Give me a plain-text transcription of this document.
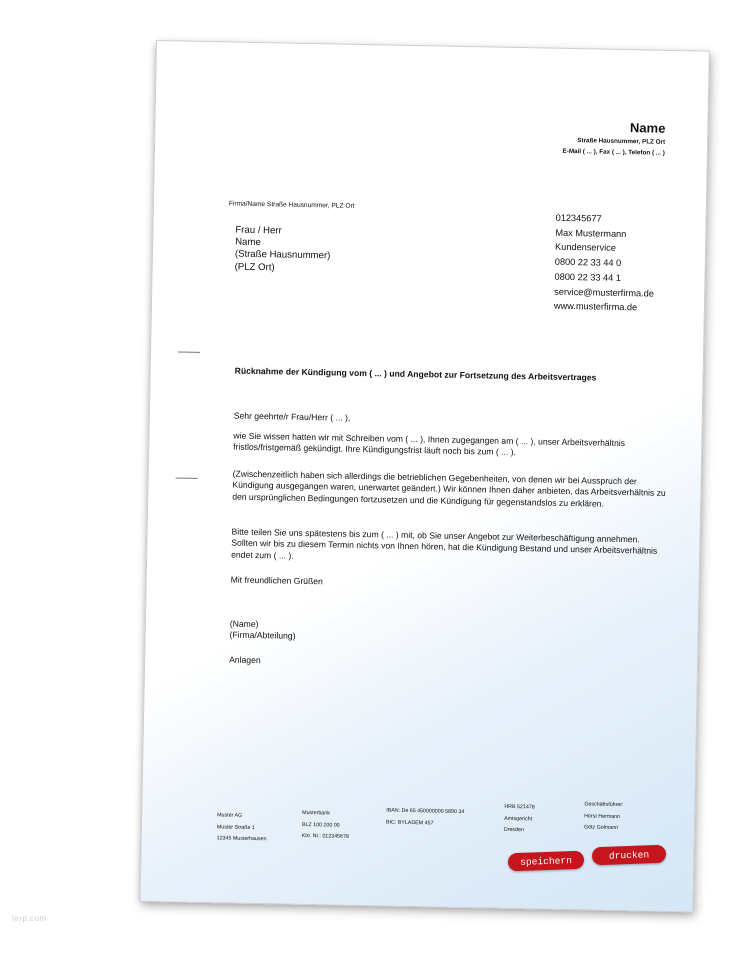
Name
Straße Hausnummer, PLZ Ort
E-Mail ( ... ), Fax ( ... ), Telefon ( ... )
Firma/Name Straße Hausnummer, PLZ Ort
Frau / Herr
Name
(Straße Hausnummer)
(PLZ Ort)
012345677
Max Mustermann
Kundenservice
0800 22 33 44 0
0800 22 33 44 1
service@musterfirma.de
www.musterfirma.de
Rücknahme der Kündigung vom ( ... ) und Angebot zur Fortsetzung des Arbeitsvertrages
Sehr geehrte/r Frau/Herr ( ... ),
wie Sie wissen hatten wir mit Schreiben vom ( ... ), Ihnen zugegangen am ( ... ), unser Arbeitsverhältnis fristlos/fristgemäß gekündigt. Ihre Kündigungsfrist läuft noch bis zum ( ... ).
(Zwischenzeitlich haben sich allerdings die betrieblichen Gegebenheiten, von denen wir bei Ausspruch der Kündigung ausgegangen waren, unerwartet geändert.) Wir können Ihnen daher anbieten, das Arbeitsverhältnis zu den ursprünglichen Bedingungen fortzusetzen und die Kündigung für gegenstandslos zu erklären.
Bitte teilen Sie uns spätestens bis zum ( ... ) mit, ob Sie unser Angebot zur Weiterbeschäftigung annehmen. Sollten wir bis zu diesem Termin nichts von Ihnen hören, hat die Kündigung Bestand und unser Arbeitsverhältnis endet zum ( ... ).
Mit freundlichen Grüßen
(Name)
(Firma/Abteilung)
Anlagen
Muster AG
Muster Straße 1
12345 Musterhausen
Musterbank
BLZ 100 200 00
Kto. Nr.: 012345678
IBAN: De 65 450000000 5890 34
BIC: BYLADEM 457
HRB 521478
Amtsgericht
Dresden
Geschäftsführer:
Horst Hermann
Götz Golmann
speichern	drucken
lerp.com
